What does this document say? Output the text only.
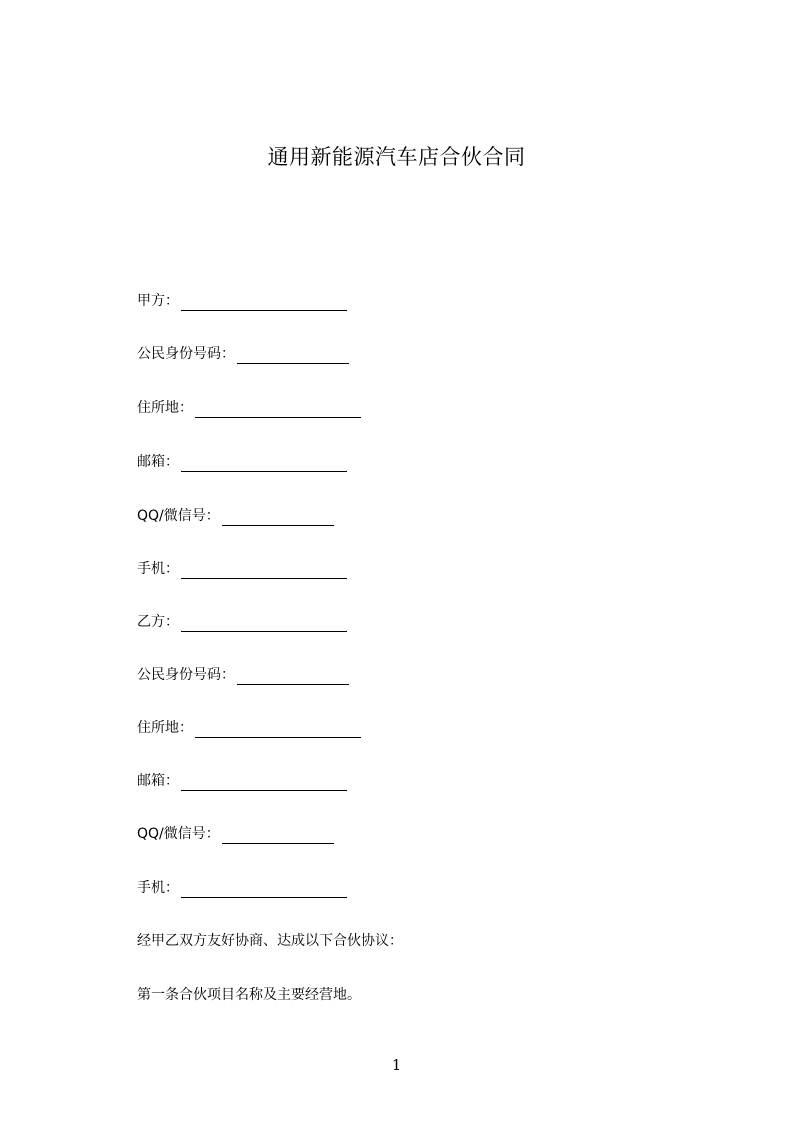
通用新能源汽车店合伙合同
甲方：
公民身份号码：
住所地：
邮箱：
QQ/微信号：
手机：
乙方：
公民身份号码：
住所地：
邮箱：
QQ/微信号：
手机：
经甲乙双方友好协商、达成以下合伙协议：
第一条合伙项目名称及主要经营地。
1
